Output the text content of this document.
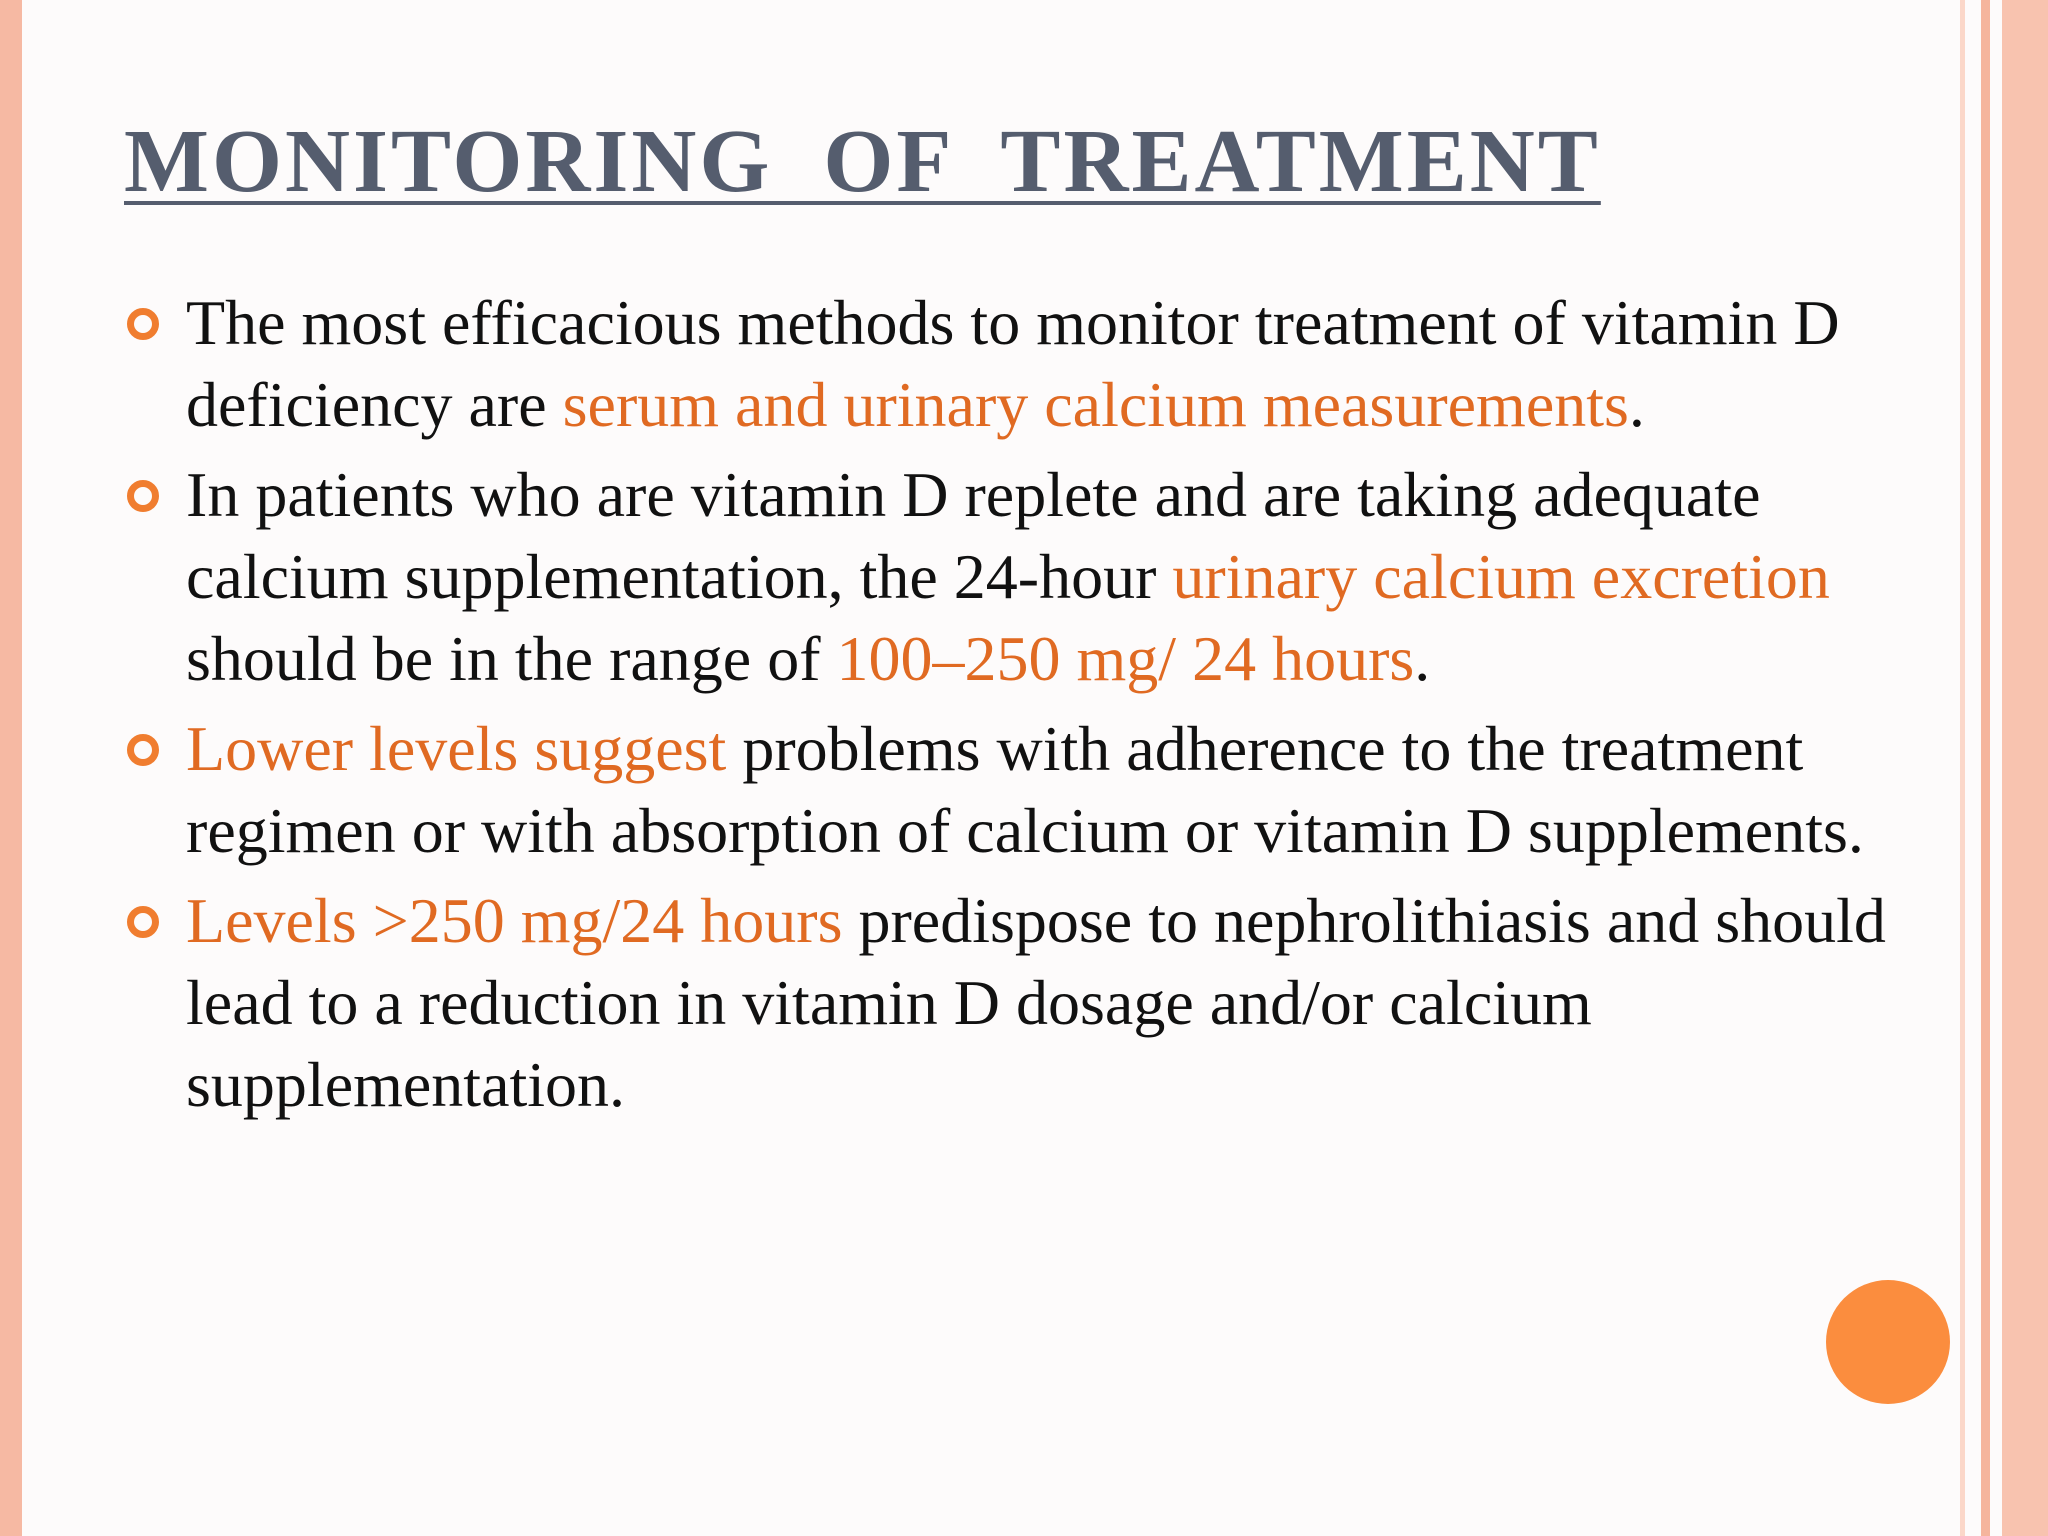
MONITORING  OF  TREATMENT
The most efficacious methods to monitor treatment of vitamin D deficiency are serum and urinary calcium measurements.
In patients who are vitamin D replete and are taking adequate calcium supplementation, the 24-hour urinary calcium excretion should be in the range of 100–250 mg/ 24 hours.
Lower levels suggest problems with adherence to the treatment regimen or with absorption of calcium or vitamin D supplements.
Levels >250 mg/24 hours predispose to nephrolithiasis and should lead to a reduction in vitamin D dosage and/or calcium supplementation.
